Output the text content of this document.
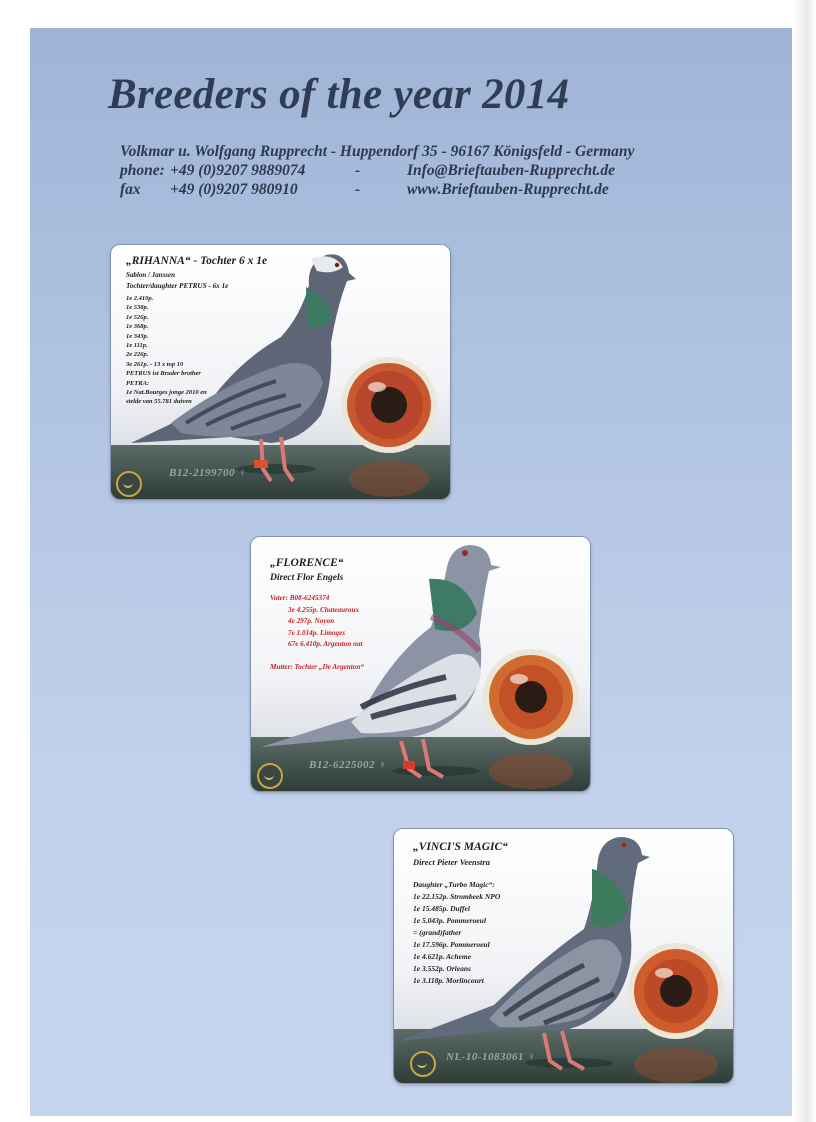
Breeders of the year 2014
Volkmar u. Wolfgang Rupprecht - Huppendorf 35 - 96167 Königsfeld - Germany
phone: +49 (0)9207 9889074	-	Info@Brieftauben-Rupprecht.de
fax	+49 (0)9207 980910	-	www.Brieftauben-Rupprecht.de
„RIHANNA“ - Tochter 6 x 1e
Sablon / Janssen
Tochter/daughter PETRUS - 6x 1e
1e 2.410p.
1e 538p.
1e 526p.
1e 368p.
1e 343p.
1e 111p.
2e 226p.
3e 261p. - 13 x top 10
PETRUS ist Bruder brother
PETRA:
1e Nat.Bourges jonge 2010 en
stelde van 55.781 duiven
B12-2199700 ♀
„FLORENCE“
Direct Flor Engels
Vater: B08-6245374
3e 4.255p. Chateauroux
4e 297p. Noyon
7e 1.014p. Limoges
67e 6.410p. Argenton nat
Mutter: Tochter „De Argenton“
B12-6225002 ♀
„VINCI'S MAGIC“
Direct Pieter Veenstra
Daughter „Turbo Magic“:
1e 22.152p. Strombeek NPO
1e 15.485p. Duffel
1e 5.043p. Pommeroeul
= (grand)father
1e 17.596p. Pommeroeul
1e 4.621p. Acheme
1e 3.552p. Orleans
1e 3.118p. Morlincourt
NL-10-1083061 ♀
